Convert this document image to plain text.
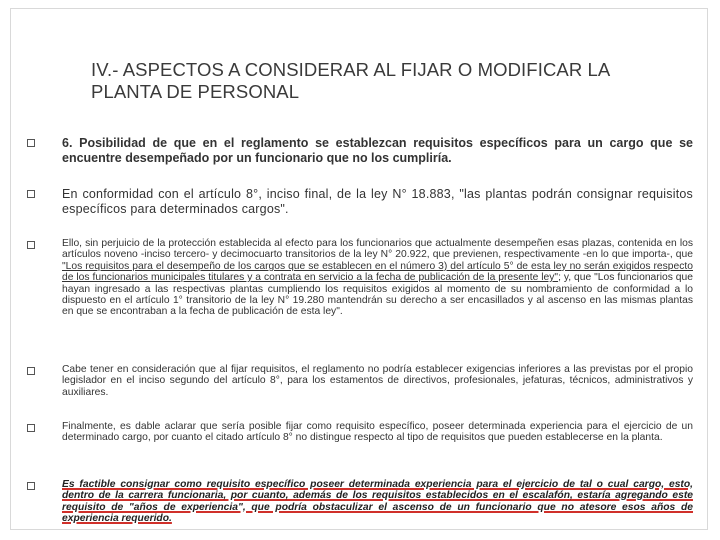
IV.- ASPECTOS A CONSIDERAR AL FIJAR O MODIFICAR LA
PLANTA DE PERSONAL
6. Posibilidad de que en el reglamento se establezcan requisitos específicos para un cargo que se encuentre desempeñado por un funcionario que no los cumpliría.
En conformidad con el artículo 8°, inciso final, de la ley N° 18.883, "las plantas podrán consignar requisitos específicos para determinados cargos".
Ello, sin perjuicio de la protección establecida al efecto para los funcionarios que actualmente desempeñen esas plazas, contenida en los artículos noveno -inciso tercero- y decimocuarto transitorios de la ley N° 20.922, que previenen, respectivamente -en lo que importa-, que "Los requisitos para el desempeño de los cargos que se establecen en el número 3) del artículo 5° de esta ley no serán exigidos respecto de los funcionarios municipales titulares y a contrata en servicio a la fecha de publicación de la presente ley"; y, que "Los funcionarios que hayan ingresado a las respectivas plantas cumpliendo los requisitos exigidos al momento de su nombramiento de conformidad a lo dispuesto en el artículo 1° transitorio de la ley N° 19.280 mantendrán su derecho a ser encasillados y al ascenso en las mismas plantas en que se encontraban a la fecha de publicación de esta ley".
Cabe tener en consideración que al fijar requisitos, el reglamento no podría establecer exigencias inferiores a las previstas por el propio legislador en el inciso segundo del artículo 8°, para los estamentos de directivos, profesionales, jefaturas, técnicos, administrativos y auxiliares.
Finalmente, es dable aclarar que sería posible fijar como requisito específico, poseer determinada experiencia para el ejercicio de un determinado cargo, por cuanto el citado artículo 8° no distingue respecto al tipo de requisitos que pueden establecerse en la planta.
Es factible consignar como requisito específico poseer determinada experiencia para el ejercicio de tal o cual cargo, esto, dentro de la carrera funcionaria, por cuanto, además de los requisitos establecidos en el escalafón, estaría agregando este requisito de "años de experiencia", que podría obstaculizar el ascenso de un funcionario que no atesore esos años de experiencia requerido.
